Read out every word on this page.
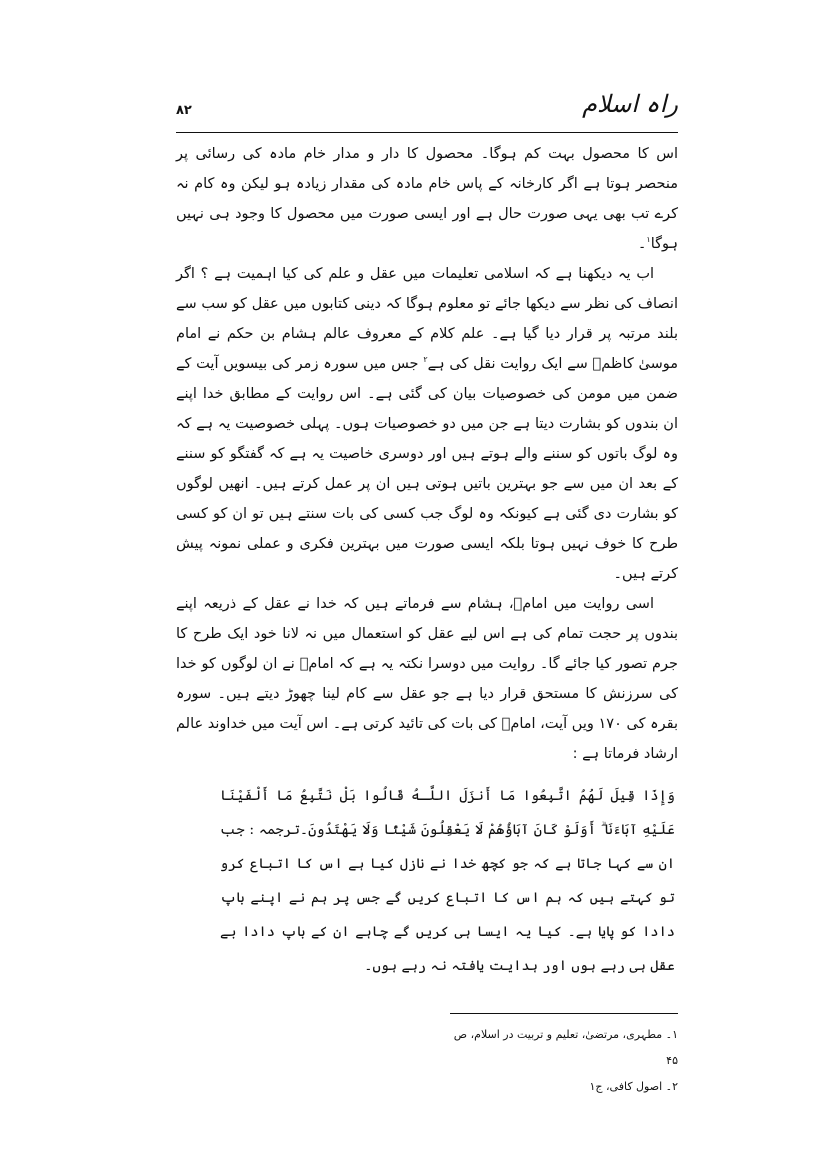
راہ اسلام
۸۲

اس کا محصول بہت کم ہوگا۔ محصول کا دار و مدار خام مادہ کی رسائی پر منحصر ہوتا ہے اگر کارخانہ کے پاس خام مادہ کی مقدار زیادہ ہو لیکن وہ کام نہ کرے تب بھی یہی صورت حال ہے اور ایسی صورت میں محصول کا وجود ہی نہیں ہوگا$^۱$۔

اب یہ دیکھنا ہے کہ اسلامی تعلیمات میں عقل و علم کی کیا اہمیت ہے ؟ اگر انصاف کی نظر سے دیکھا جائے تو معلوم ہوگا کہ دینی کتابوں میں عقل کو سب سے بلند مرتبہ پر قرار دیا گیا ہے۔ علم کلام کے معروف عالم ہشام بن حکم نے امام موسیٰ کاظمؑ سے ایک روایت نقل کی ہے$^۲$ جس میں سورہ زمر کی بیسویں آیت کے ضمن میں مومن کی خصوصیات بیان کی گئی ہے۔ اس روایت کے مطابق خدا اپنے ان بندوں کو بشارت دیتا ہے جن میں دو خصوصیات ہوں۔ پہلی خصوصیت یہ ہے کہ وہ لوگ باتوں کو سننے والے ہوتے ہیں اور دوسری خاصیت یہ ہے کہ گفتگو کو سننے کے بعد ان میں سے جو بہترین باتیں ہوتی ہیں ان پر عمل کرتے ہیں۔ انھیں لوگوں کو بشارت دی گئی ہے کیونکہ وہ لوگ جب کسی کی بات سنتے ہیں تو ان کو کسی طرح کا خوف نہیں ہوتا بلکہ ایسی صورت میں بہترین فکری و عملی نمونہ پیش کرتے ہیں۔

اسی روایت میں امامؑ، ہشام سے فرماتے ہیں کہ خدا نے عقل کے ذریعہ اپنے بندوں پر حجت تمام کی ہے اس لیے عقل کو استعمال میں نہ لانا خود ایک طرح کا جرم تصور کیا جائے گا۔ روایت میں دوسرا نکتہ یہ ہے کہ امامؑ نے ان لوگوں کو خدا کی سرزنش کا مستحق قرار دیا ہے جو عقل سے کام لینا چھوڑ دیتے ہیں۔ سورہ بقرہ کی ۱۷۰ ویں آیت، امامؑ کی بات کی تائید کرتی ہے۔ اس آیت میں خداوند عالم ارشاد فرماتا ہے :

وَإِذَا قِيلَ لَهُمُ اتَّبِعُوا مَا أَنزَلَ اللَّـهُ قَالُوا بَلْ نَتَّبِعُ مَا أَلْفَيْنَا عَلَيْهِ آبَاءَنَا ۗ أَوَلَوْ كَانَ آبَاؤُهُمْ لَا يَعْقِلُونَ شَيْئًا وَلَا يَهْتَدُونَ۔ترجمہ : جب ان سے کہا جاتا ہے کہ جو کچھ خدا نے نازل کیا ہے اس کا اتباع کرو تو کہتے ہیں کہ ہم اس کا اتباع کریں گے جس پر ہم نے اپنے باپ دادا کو پایا ہے۔ کیا یہ ایسا ہی کریں گے چاہے ان کے باپ دادا بے عقل ہی رہے ہوں اور ہدایت یافتہ نہ رہے ہوں۔

۱۔ مطہری، مرتضیٰ، تعلیم و تربیت در اسلام، ص ۴۵

۲۔ اصول کافی، ج۱
